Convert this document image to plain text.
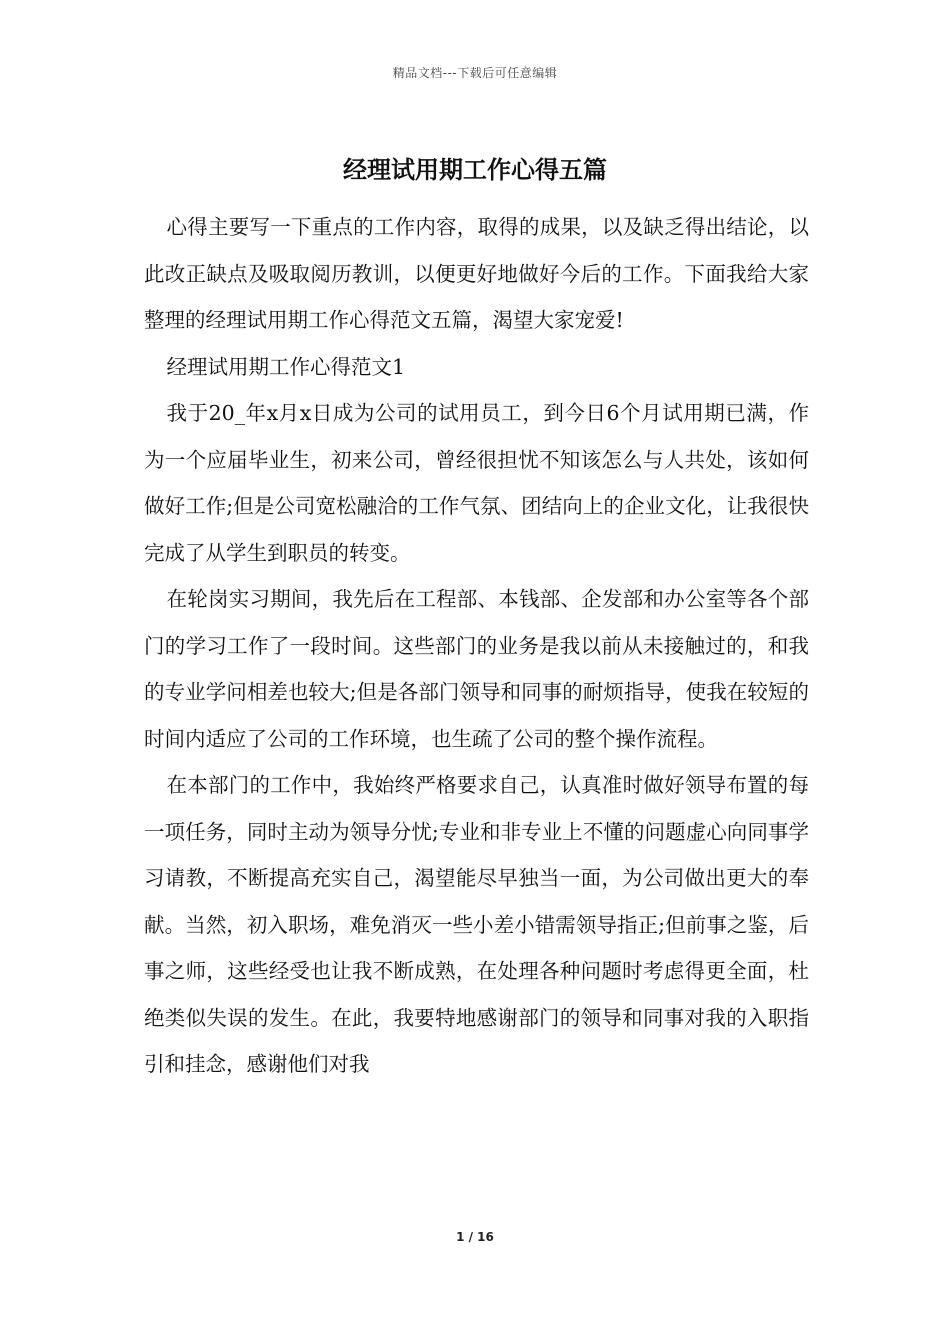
精品文档---下载后可任意编辑
经理试用期工作心得五篇

心得主要写一下重点的工作内容，取得的成果，以及缺乏得出结论，以此改正缺点及吸取阅历教训，以便更好地做好今后的工作。下面我给大家整理的经理试用期工作心得范文五篇，渴望大家宠爱!

经理试用期工作心得范文1

我于20_年x月x日成为公司的试用员工，到今日6个月试用期已满，作为一个应届毕业生，初来公司，曾经很担忧不知该怎么与人共处，该如何做好工作;但是公司宽松融洽的工作气氛、团结向上的企业文化，让我很快完成了从学生到职员的转变。

在轮岗实习期间，我先后在工程部、本钱部、企发部和办公室等各个部门的学习工作了一段时间。这些部门的业务是我以前从未接触过的，和我的专业学问相差也较大;但是各部门领导和同事的耐烦指导，使我在较短的时间内适应了公司的工作环境，也生疏了公司的整个操作流程。

在本部门的工作中，我始终严格要求自己，认真准时做好领导布置的每一项任务，同时主动为领导分忧;专业和非专业上不懂的问题虚心向同事学习请教，不断提高充实自己，渴望能尽早独当一面，为公司做出更大的奉献。当然，初入职场，难免消灭一些小差小错需领导指正;但前事之鉴，后事之师，这些经受也让我不断成熟，在处理各种问题时考虑得更全面，杜绝类似失误的发生。在此，我要特地感谢部门的领导和同事对我的入职指引和挂念，感谢他们对我

1 / 16
